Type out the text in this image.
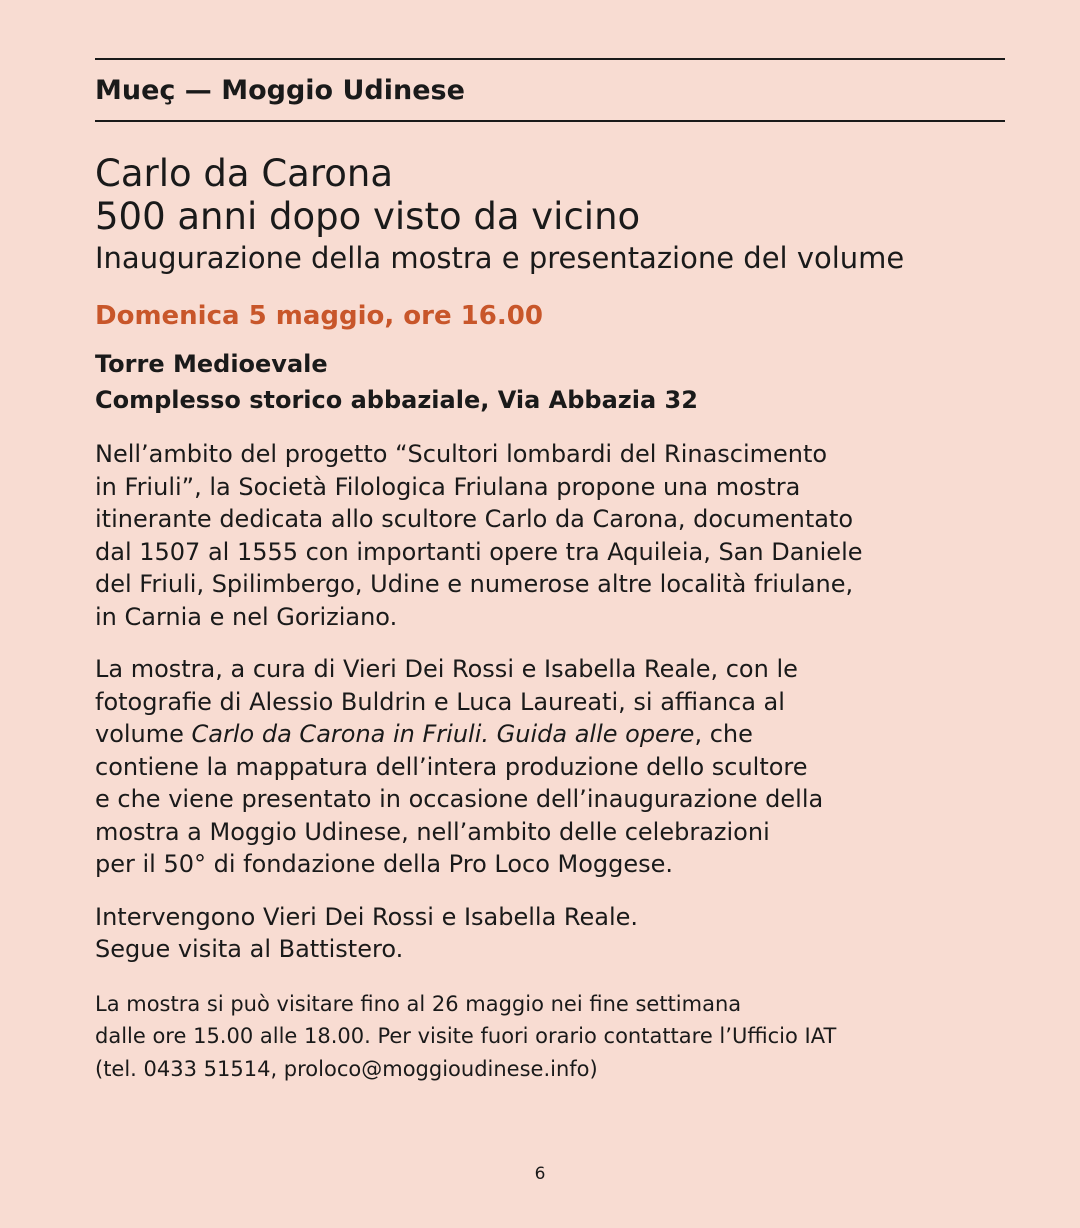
Mueç — Moggio Udinese
Carlo da Carona
500 anni dopo visto da vicino
Inaugurazione della mostra e presentazione del volume
Domenica 5 maggio, ore 16.00
Torre Medioevale
Complesso storico abbaziale, Via Abbazia 32
Nell’ambito del progetto “Scultori lombardi del Rinascimento
in Friuli”, la Società Filologica Friulana propone una mostra
itinerante dedicata allo scultore Carlo da Carona, documentato
dal 1507 al 1555 con importanti opere tra Aquileia, San Daniele
del Friuli, Spilimbergo, Udine e numerose altre località friulane,
in Carnia e nel Goriziano.
La mostra, a cura di Vieri Dei Rossi e Isabella Reale, con le
fotografie di Alessio Buldrin e Luca Laureati, si affianca al
volume Carlo da Carona in Friuli. Guida alle opere, che
contiene la mappatura dell’intera produzione dello scultore
e che viene presentato in occasione dell’inaugurazione della
mostra a Moggio Udinese, nell’ambito delle celebrazioni
per il 50° di fondazione della Pro Loco Moggese.
Intervengono Vieri Dei Rossi e Isabella Reale.
Segue visita al Battistero.
La mostra si può visitare fino al 26 maggio nei fine settimana
dalle ore 15.00 alle 18.00. Per visite fuori orario contattare l’Ufficio IAT
(tel. 0433 51514, proloco@moggioudinese.info)
6
